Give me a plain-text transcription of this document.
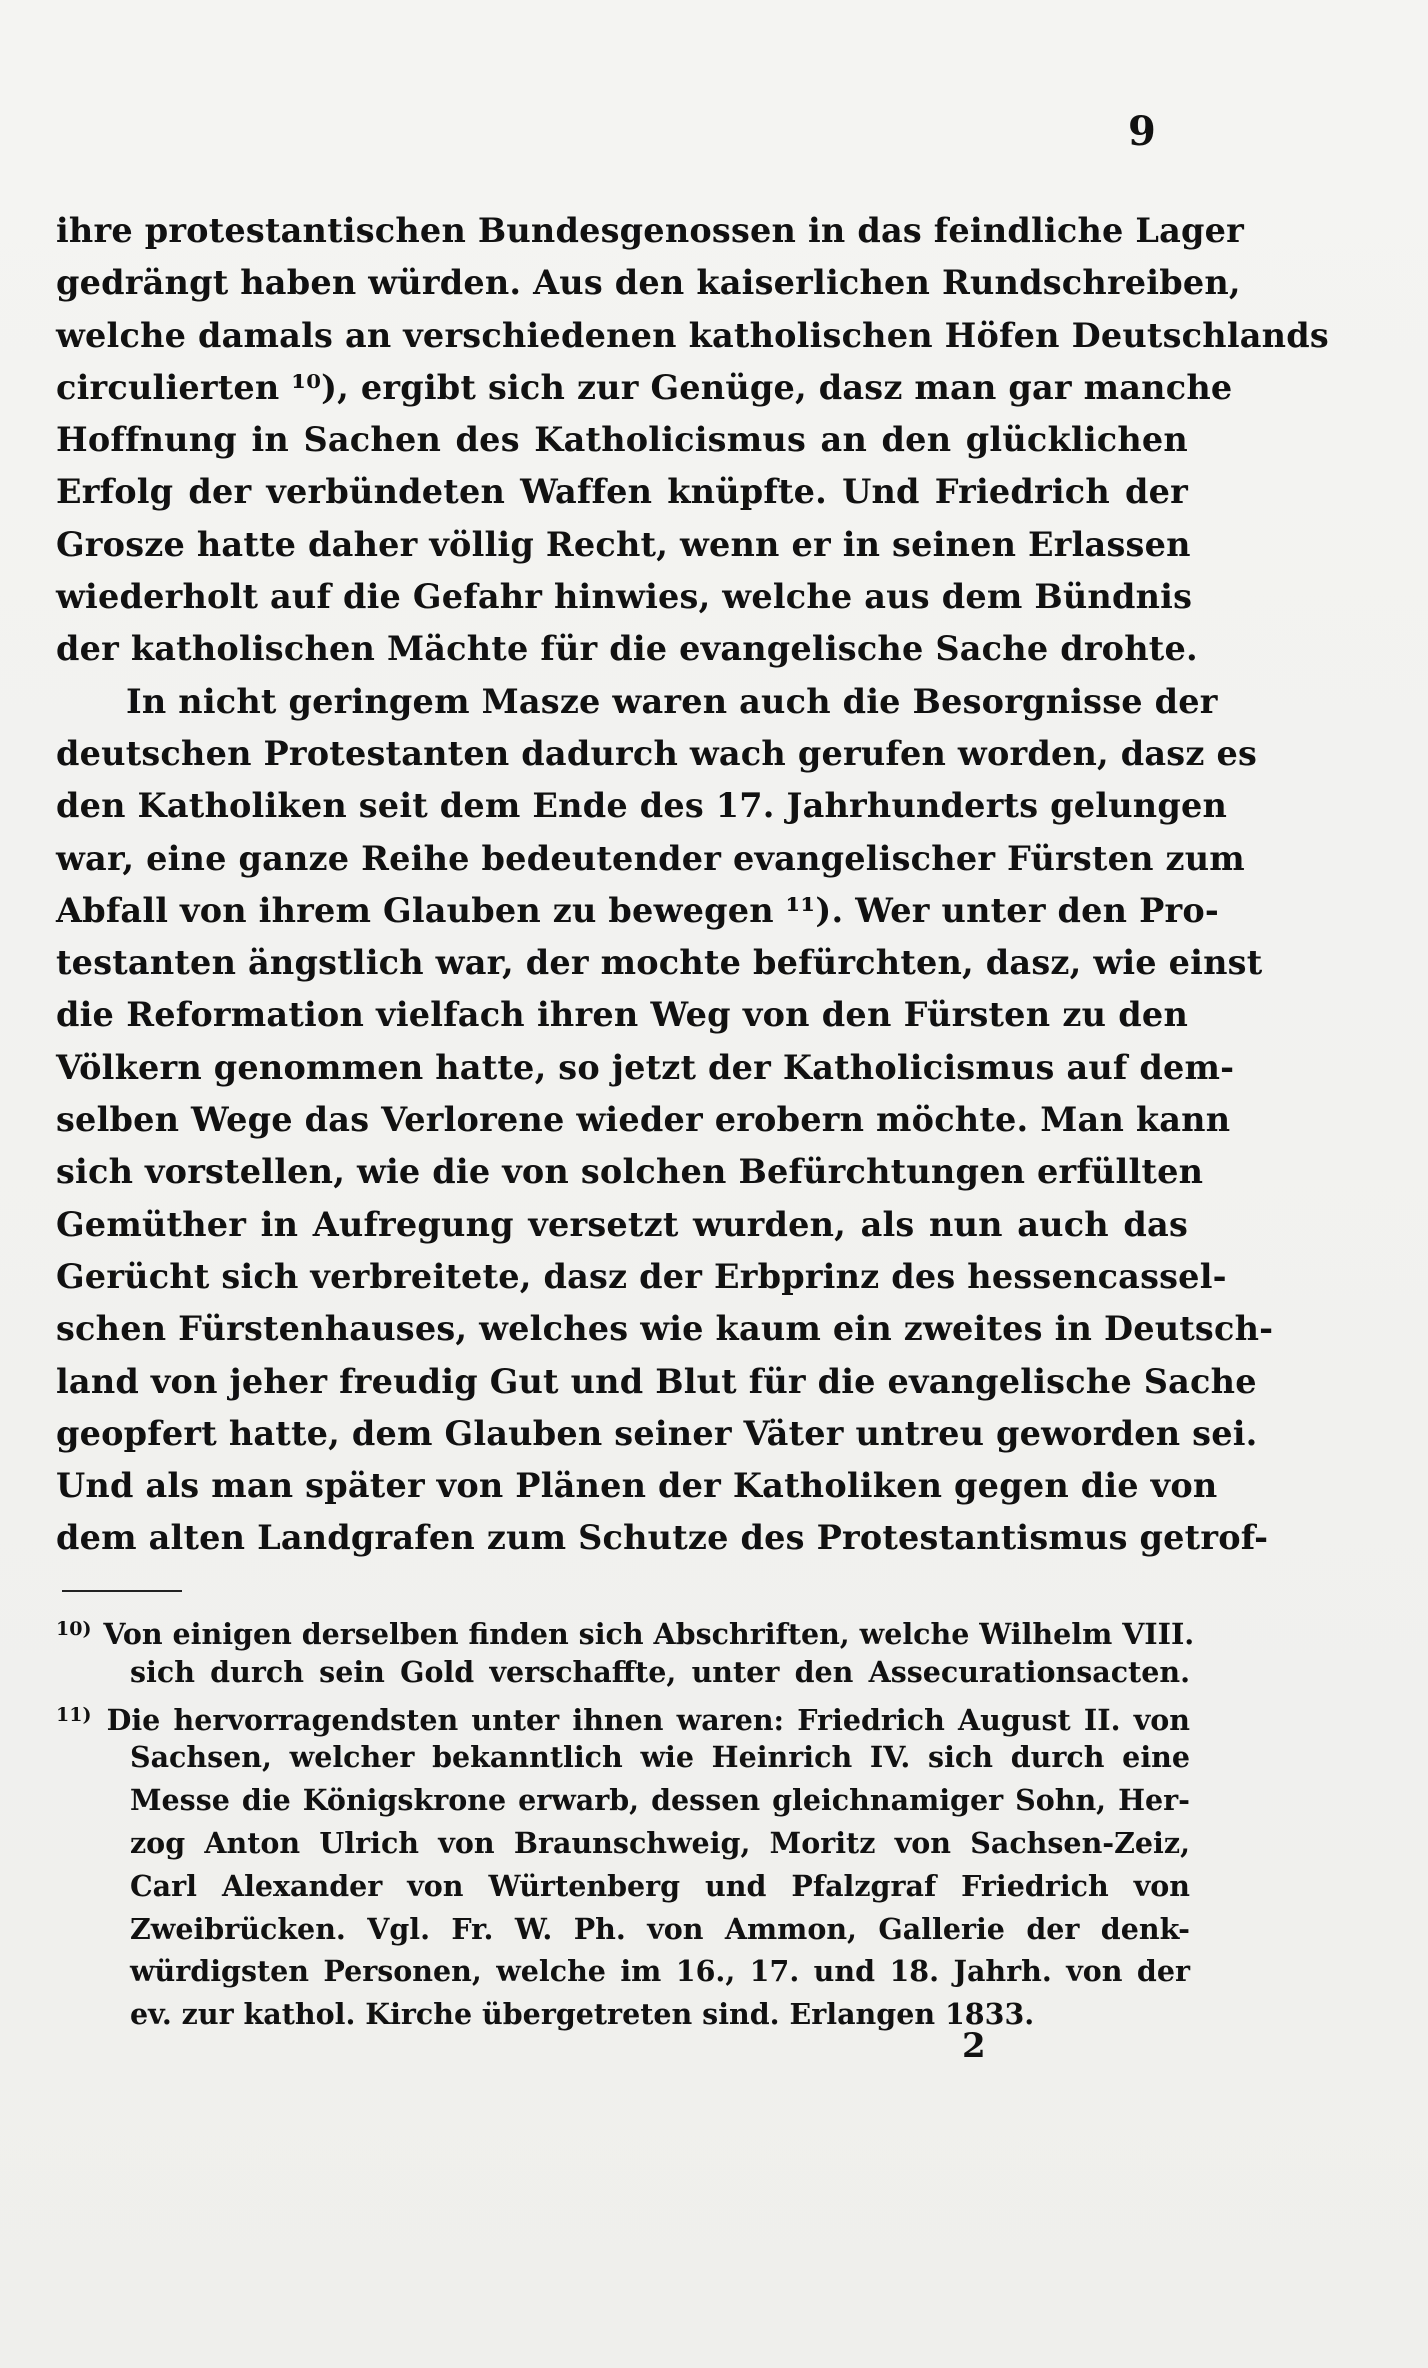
9
ihre protestantischen Bundesgenossen in das feindliche Lager
gedrängt haben würden. Aus den kaiserlichen Rundschreiben,
welche damals an verschiedenen katholischen Höfen Deutschlands
circulierten ¹⁰), ergibt sich zur Genüge, dasz man gar manche
Hoffnung in Sachen des Katholicismus an den glücklichen
Erfolg der verbündeten Waffen knüpfte. Und Friedrich der
Grosze hatte daher völlig Recht, wenn er in seinen Erlassen
wiederholt auf die Gefahr hinwies, welche aus dem Bündnis
der katholischen Mächte für die evangelische Sache drohte.
In nicht geringem Masze waren auch die Besorgnisse der
deutschen Protestanten dadurch wach gerufen worden, dasz es
den Katholiken seit dem Ende des 17. Jahrhunderts gelungen
war, eine ganze Reihe bedeutender evangelischer Fürsten zum
Abfall von ihrem Glauben zu bewegen ¹¹). Wer unter den Pro-
testanten ängstlich war, der mochte befürchten, dasz, wie einst
die Reformation vielfach ihren Weg von den Fürsten zu den
Völkern genommen hatte, so jetzt der Katholicismus auf dem-
selben Wege das Verlorene wieder erobern möchte. Man kann
sich vorstellen, wie die von solchen Befürchtungen erfüllten
Gemüther in Aufregung versetzt wurden, als nun auch das
Gerücht sich verbreitete, dasz der Erbprinz des hessencassel-
schen Fürstenhauses, welches wie kaum ein zweites in Deutsch-
land von jeher freudig Gut und Blut für die evangelische Sache
geopfert hatte, dem Glauben seiner Väter untreu geworden sei.
Und als man später von Plänen der Katholiken gegen die von
dem alten Landgrafen zum Schutze des Protestantismus getrof-
$^{10)}$ Von einigen derselben finden sich Abschriften, welche Wilhelm VIII.
sich durch sein Gold verschaffte, unter den Assecurationsacten.
$^{11)}$ Die hervorragendsten unter ihnen waren: Friedrich August II. von
Sachsen, welcher bekanntlich wie Heinrich IV. sich durch eine
Messe die Königskrone erwarb, dessen gleichnamiger Sohn, Her-
zog Anton Ulrich von Braunschweig, Moritz von Sachsen-Zeiz,
Carl Alexander von Würtenberg und Pfalzgraf Friedrich von
Zweibrücken. Vgl. Fr. W. Ph. von Ammon, Gallerie der denk-
würdigsten Personen, welche im 16., 17. und 18. Jahrh. von der
ev. zur kathol. Kirche übergetreten sind. Erlangen 1833.
2
